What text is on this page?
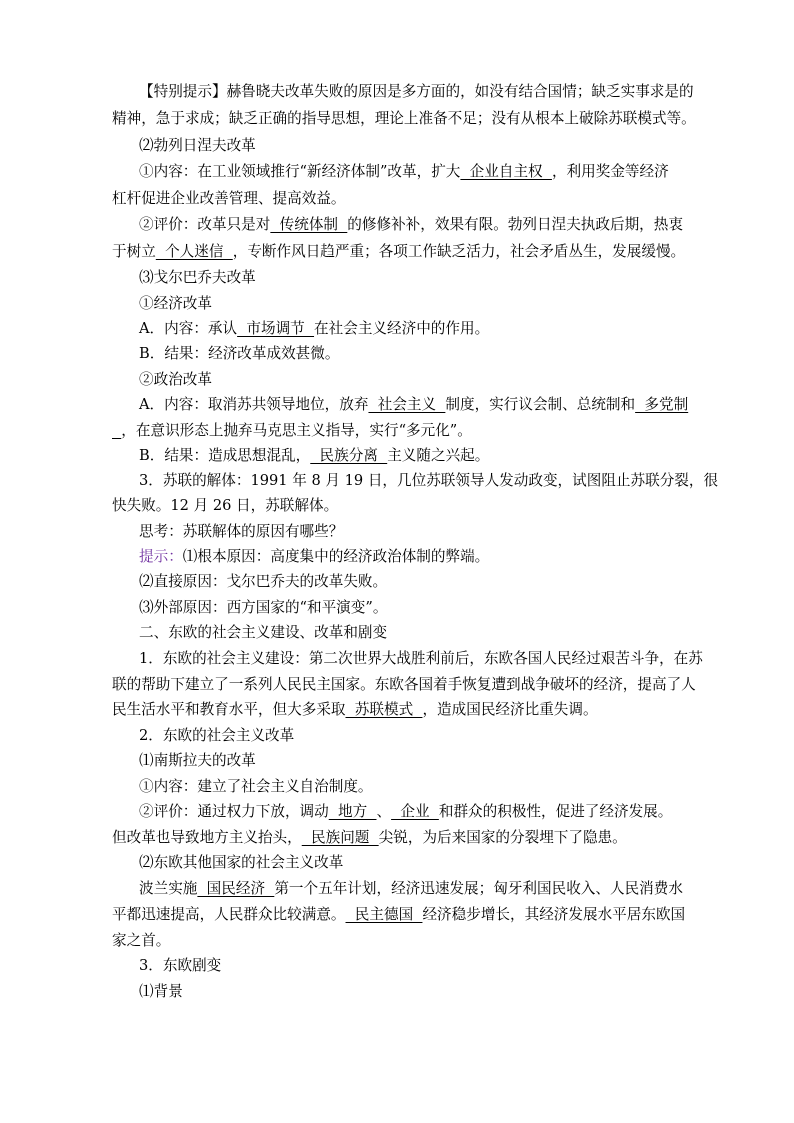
【特别提示】赫鲁晓夫改革失败的原因是多方面的，如没有结合国情；缺乏实事求是的
精神，急于求成；缺乏正确的指导思想，理论上准备不足；没有从根本上破除苏联模式等。
⑵勃列日涅夫改革
①内容：在工业领域推行“新经济体制”改革，扩大  企业自主权  ，利用奖金等经济
杠杆促进企业改善管理、提高效益。
②评价：改革只是对  传统体制  的修修补补，效果有限。勃列日涅夫执政后期，热衷
于树立  个人迷信  ，专断作风日趋严重；各项工作缺乏活力，社会矛盾丛生，发展缓慢。
⑶戈尔巴乔夫改革
①经济改革
A．内容：承认  市场调节  在社会主义经济中的作用。
B．结果：经济改革成效甚微。
②政治改革
A．内容：取消苏共领导地位，放弃  社会主义  制度，实行议会制、总统制和  多党制
，在意识形态上抛弃马克思主义指导，实行“多元化”。
B．结果：造成思想混乱，  民族分离  主义随之兴起。
3．苏联的解体：1991 年 8 月 19 日，几位苏联领导人发动政变，试图阻止苏联分裂，很
快失败。12 月 26 日，苏联解体。
思考：苏联解体的原因有哪些？
提示：⑴根本原因：高度集中的经济政治体制的弊端。
⑵直接原因：戈尔巴乔夫的改革失败。
⑶外部原因：西方国家的“和平演变”。
二、东欧的社会主义建设、改革和剧变
1．东欧的社会主义建设：第二次世界大战胜利前后，东欧各国人民经过艰苦斗争，在苏
联的帮助下建立了一系列人民民主国家。东欧各国着手恢复遭到战争破坏的经济，提高了人
民生活水平和教育水平，但大多采取  苏联模式  ，造成国民经济比重失调。
2．东欧的社会主义改革
⑴南斯拉夫的改革
①内容：建立了社会主义自治制度。
②评价：通过权力下放，调动  地方  、  企业  和群众的积极性，促进了经济发展。
但改革也导致地方主义抬头，  民族问题  尖锐，为后来国家的分裂埋下了隐患。
⑵东欧其他国家的社会主义改革
波兰实施  国民经济  第一个五年计划，经济迅速发展；匈牙利国民收入、人民消费水
平都迅速提高，人民群众比较满意。  民主德国  经济稳步增长，其经济发展水平居东欧国
家之首。
3．东欧剧变
⑴背景
